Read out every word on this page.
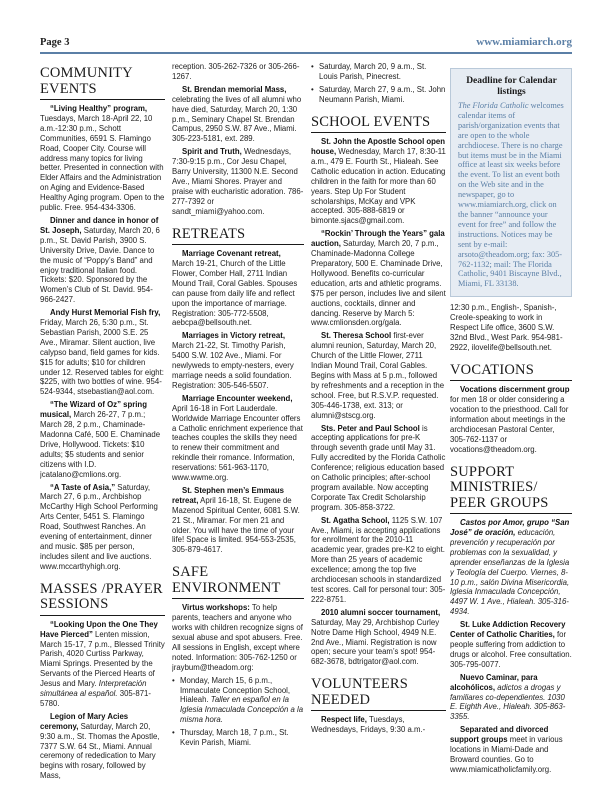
Page 3	www.miamiarch.org
COMMUNITY EVENTS

“Living Healthy” program, Tuesdays, March 18-April 22, 10 a.m.-12:30 p.m., Schott Communities, 6591 S. Flamingo Road, Cooper City. Course will address many topics for living better. Presented in connection with Elder Affairs and the Administration on Aging and Evidence-Based Healthy Aging program. Open to the public. Free. 954-434-3306.

Dinner and dance in honor of St. Joseph, Saturday, March 20, 6 p.m., St. David Parish, 3900 S. University Drive, Davie. Dance to the music of “Poppy’s Band” and enjoy traditional Italian food. Tickets: $20. Sponsored by the Women’s Club of St. David. 954-966-2427.

Andy Hurst Memorial Fish fry, Friday, March 26, 5:30 p.m., St. Sebastian Parish, 2000 S.E. 25 Ave., Miramar. Silent auction, live calypso band, field games for kids. $15 for adults; $10 for children under 12. Reserved tables for eight: $225, with two bottles of wine. 954-524-9344, stsebastian@aol.com.

“The Wizard of Oz” spring musical, March 26-27, 7 p.m.; March 28, 2 p.m., Chaminade-Madonna Café, 500 E. Chaminade Drive, Hollywood. Tickets: $10 adults; $5 students and senior citizens with I.D. jcatalano@cmlions.org.

“A Taste of Asia,” Saturday, March 27, 6 p.m., Archbishop McCarthy High School Performing Arts Center, 5451 S. Flamingo Road, Southwest Ranches. An evening of entertainment, dinner and music. $85 per person, includes silent and live auctions. www.mccarthyhigh.org.

MASSES /PRAYER SESSIONS

“Looking Upon the One They Have Pierced” Lenten mission, March 15-17, 7 p.m., Blessed Trinity Parish, 4020 Curtiss Parkway, Miami Springs. Presented by the Servants of the Pierced Hearts of Jesus and Mary. Interpretación simultánea al español. 305-871-5780.

Legion of Mary Acies ceremony, Saturday, March 20, 9:30 a.m., St. Thomas the Apostle, 7377 S.W. 64 St., Miami. Annual ceremony of rededication to Mary begins with rosary, followed by Mass,

reception. 305-262-7326 or 305-266-1267.

St. Brendan memorial Mass, celebrating the lives of all alumni who have died, Saturday, March 20, 1:30 p.m., Seminary Chapel St. Brendan Campus, 2950 S.W. 87 Ave., Miami. 305-223-5181, ext. 289.

Spirit and Truth, Wednesdays, 7:30-9:15 p.m., Cor Jesu Chapel, Barry University, 11300 N.E. Second Ave., Miami Shores. Prayer and praise with eucharistic adoration. 786-277-7392 or sandt_miami@yahoo.com.

RETREATS

Marriage Covenant retreat, March 19-21, Church of the Little Flower, Comber Hall, 2711 Indian Mound Trail, Coral Gables. Spouses can pause from daily life and reflect upon the importance of marriage. Registration: 305-772-5508, aebcpa@bellsouth.net.

Marriages in Victory retreat, March 21-22, St. Timothy Parish, 5400 S.W. 102 Ave., Miami. For newlyweds to empty-nesters, every marriage needs a solid foundation. Registration: 305-546-5507.

Marriage Encounter weekend, April 16-18 in Fort Lauderdale. Worldwide Marriage Encounter offers a Catholic enrichment experience that teaches couples the skills they need to renew their commitment and rekindle their romance. Information, reservations: 561-963-1170, www.wwme.org.

St. Stephen men’s Emmaus retreat, April 16-18, St. Eugene de Mazenod Spiritual Center, 6081 S.W. 21 St., Miramar. For men 21 and older. You will have the time of your life! Space is limited. 954-553-2535, 305-879-4617.

SAFE ENVIRONMENT

Virtus workshops: To help parents, teachers and anyone who works with children recognize signs of sexual abuse and spot abusers. Free. All sessions in English, except where noted. Information: 305-762-1250 or jraybum@theadom.org:

• Monday, March 15, 6 p.m., Immaculate Conception School, Hialeah. Taller en español en la Iglesia Inmaculada Concepción a la misma hora.

• Thursday, March 18, 7 p.m., St. Kevin Parish, Miami.

• Saturday, March 20, 9 a.m., St. Louis Parish, Pinecrest.

• Saturday, March 27, 9 a.m., St. John Neumann Parish, Miami.

SCHOOL EVENTS

St. John the Apostle School open house, Wednesday, March 17, 8:30-11 a.m., 479 E. Fourth St., Hialeah. See Catholic education in action. Educating children in the faith for more than 60 years. Step Up For Student scholarships, McKay and VPK accepted. 305-888-6819 or bimonte.sjacs@gmail.com.

“Rockin’ Through the Years” gala auction, Saturday, March 20, 7 p.m., Chaminade-Madonna College Preparatory, 500 E. Chaminade Drive, Hollywood. Benefits co-curricular education, arts and athletic programs. $75 per person, includes live and silent auctions, cocktails, dinner and dancing. Reserve by March 5: www.cmlionsden.org/gala.

St. Theresa School first-ever alumni reunion, Saturday, March 20, Church of the Little Flower, 2711 Indian Mound Trail, Coral Gables. Begins with Mass at 5 p.m., followed by refreshments and a reception in the school. Free, but R.S.V.P. requested. 305-446-1738, ext. 313; or alumni@stscg.org.

Sts. Peter and Paul School is accepting applications for pre-K through seventh grade until May 31. Fully accredited by the Florida Catholic Conference; religious education based on Catholic principles; after-school program available. Now accepting Corporate Tax Credit Scholarship program. 305-858-3722.

St. Agatha School, 1125 S.W. 107 Ave., Miami, is accepting applications for enrollment for the 2010-11 academic year, grades pre-K2 to eight. More than 25 years of academic excellence; among the top five archdiocesan schools in standardized test scores. Call for personal tour: 305-222-8751.

2010 alumni soccer tournament, Saturday, May 29, Archbishop Curley Notre Dame High School, 4949 N.E. 2nd Ave., Miami. Registration is now open; secure your team’s spot! 954-682-3678, bdtrigator@aol.com.

VOLUNTEERS NEEDED

Respect life, Tuesdays, Wednesdays, Fridays, 9:30 a.m.-

Deadline for Calendar listings
The Florida Catholic welcomes calendar items of parish/organization events that are open to the whole archdiocese. There is no charge but items must be in the Miami office at least six weeks before the event. To list an event both on the Web site and in the newspaper, go to www.miamiarch.org, click on the banner “announce your event for free” and follow the instructions. Notices may be sent by e-mail: arsoto@theadom.org; fax: 305-762-1132; mail: The Florida Catholic, 9401 Biscayne Blvd., Miami, FL 33138.

12:30 p.m., English-, Spanish-, Creole-speaking to work in Respect Life office, 3600 S.W. 32nd Blvd., West Park. 954-981-2922, ilovelife@bellsouth.net.

VOCATIONS

Vocations discernment group for men 18 or older considering a vocation to the priesthood. Call for information about meetings in the archdiocesan Pastoral Center, 305-762-1137 or vocations@theadom.org.

SUPPORT MINISTRIES/ PEER GROUPS

Castos por Amor, grupo “San José” de oración, educación, prevención y recuperación por problemas con la sexualidad, y aprender enseñanzas de la Iglesia y Teología del Cuerpo. Viernes, 8-10 p.m., salón Divina Misericordia, Iglesia Inmaculada Concepción, 4497 W. 1 Ave., Hialeah. 305-316-4934.

St. Luke Addiction Recovery Center of Catholic Charities, for people suffering from addiction to drugs or alcohol. Free consultation. 305-795-0077.

Nuevo Caminar, para alcohólicos, adictos a drogas y familiares co-dependientes. 1030 E. Eighth Ave., Hialeah. 305-863-3355.

Separated and divorced support groups meet in various locations in Miami-Dade and Broward counties. Go to www.miamicatholicfamily.org.
